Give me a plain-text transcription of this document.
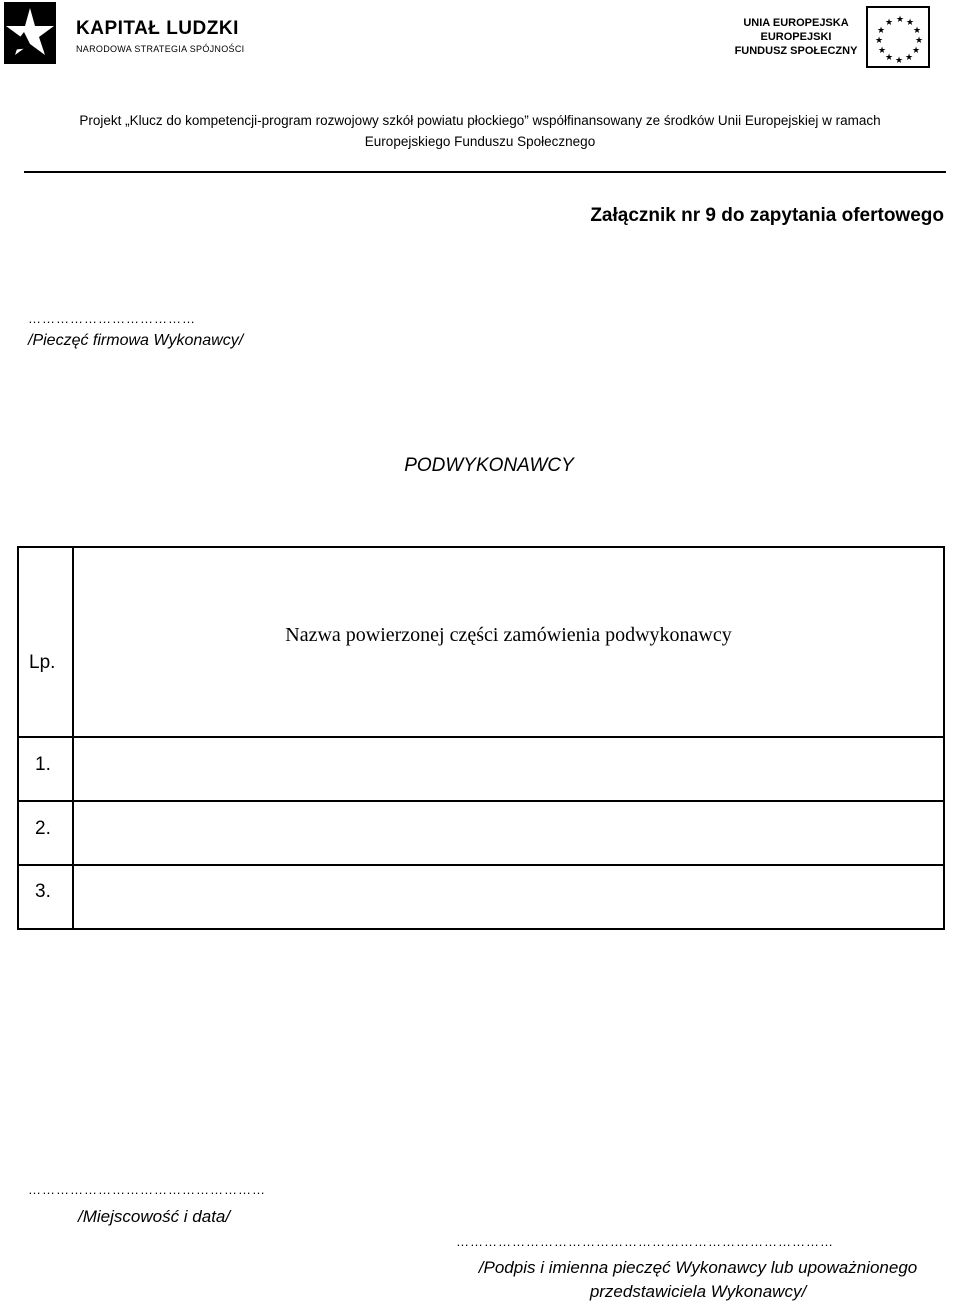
KAPITAŁ LUDZKI
NARODOWA STRATEGIA SPÓJNOŚCI
UNIA EUROPEJSKA
EUROPEJSKI
FUNDUSZ SPOŁECZNY
★ ★
★
★
★
★
★
★
★
★
★
★
Projekt „Klucz do kompetencji-program rozwojowy szkół powiatu płockiego” współfinansowany ze środków Unii Europejskiej w ramach
Europejskiego Funduszu Społecznego
Załącznik nr 9 do zapytania ofertowego
………………………………
/Pieczęć firmowa Wykonawcy/
PODWYKONAWCY
Lp.
Nazwa powierzonej części zamówienia podwykonawcy
1.
2.
3.
……………………………………………
/Miejscowość i data/
………………………………………………………………………
/Podpis i imienna pieczęć Wykonawcy lub upoważnionego
przedstawiciela Wykonawcy/
